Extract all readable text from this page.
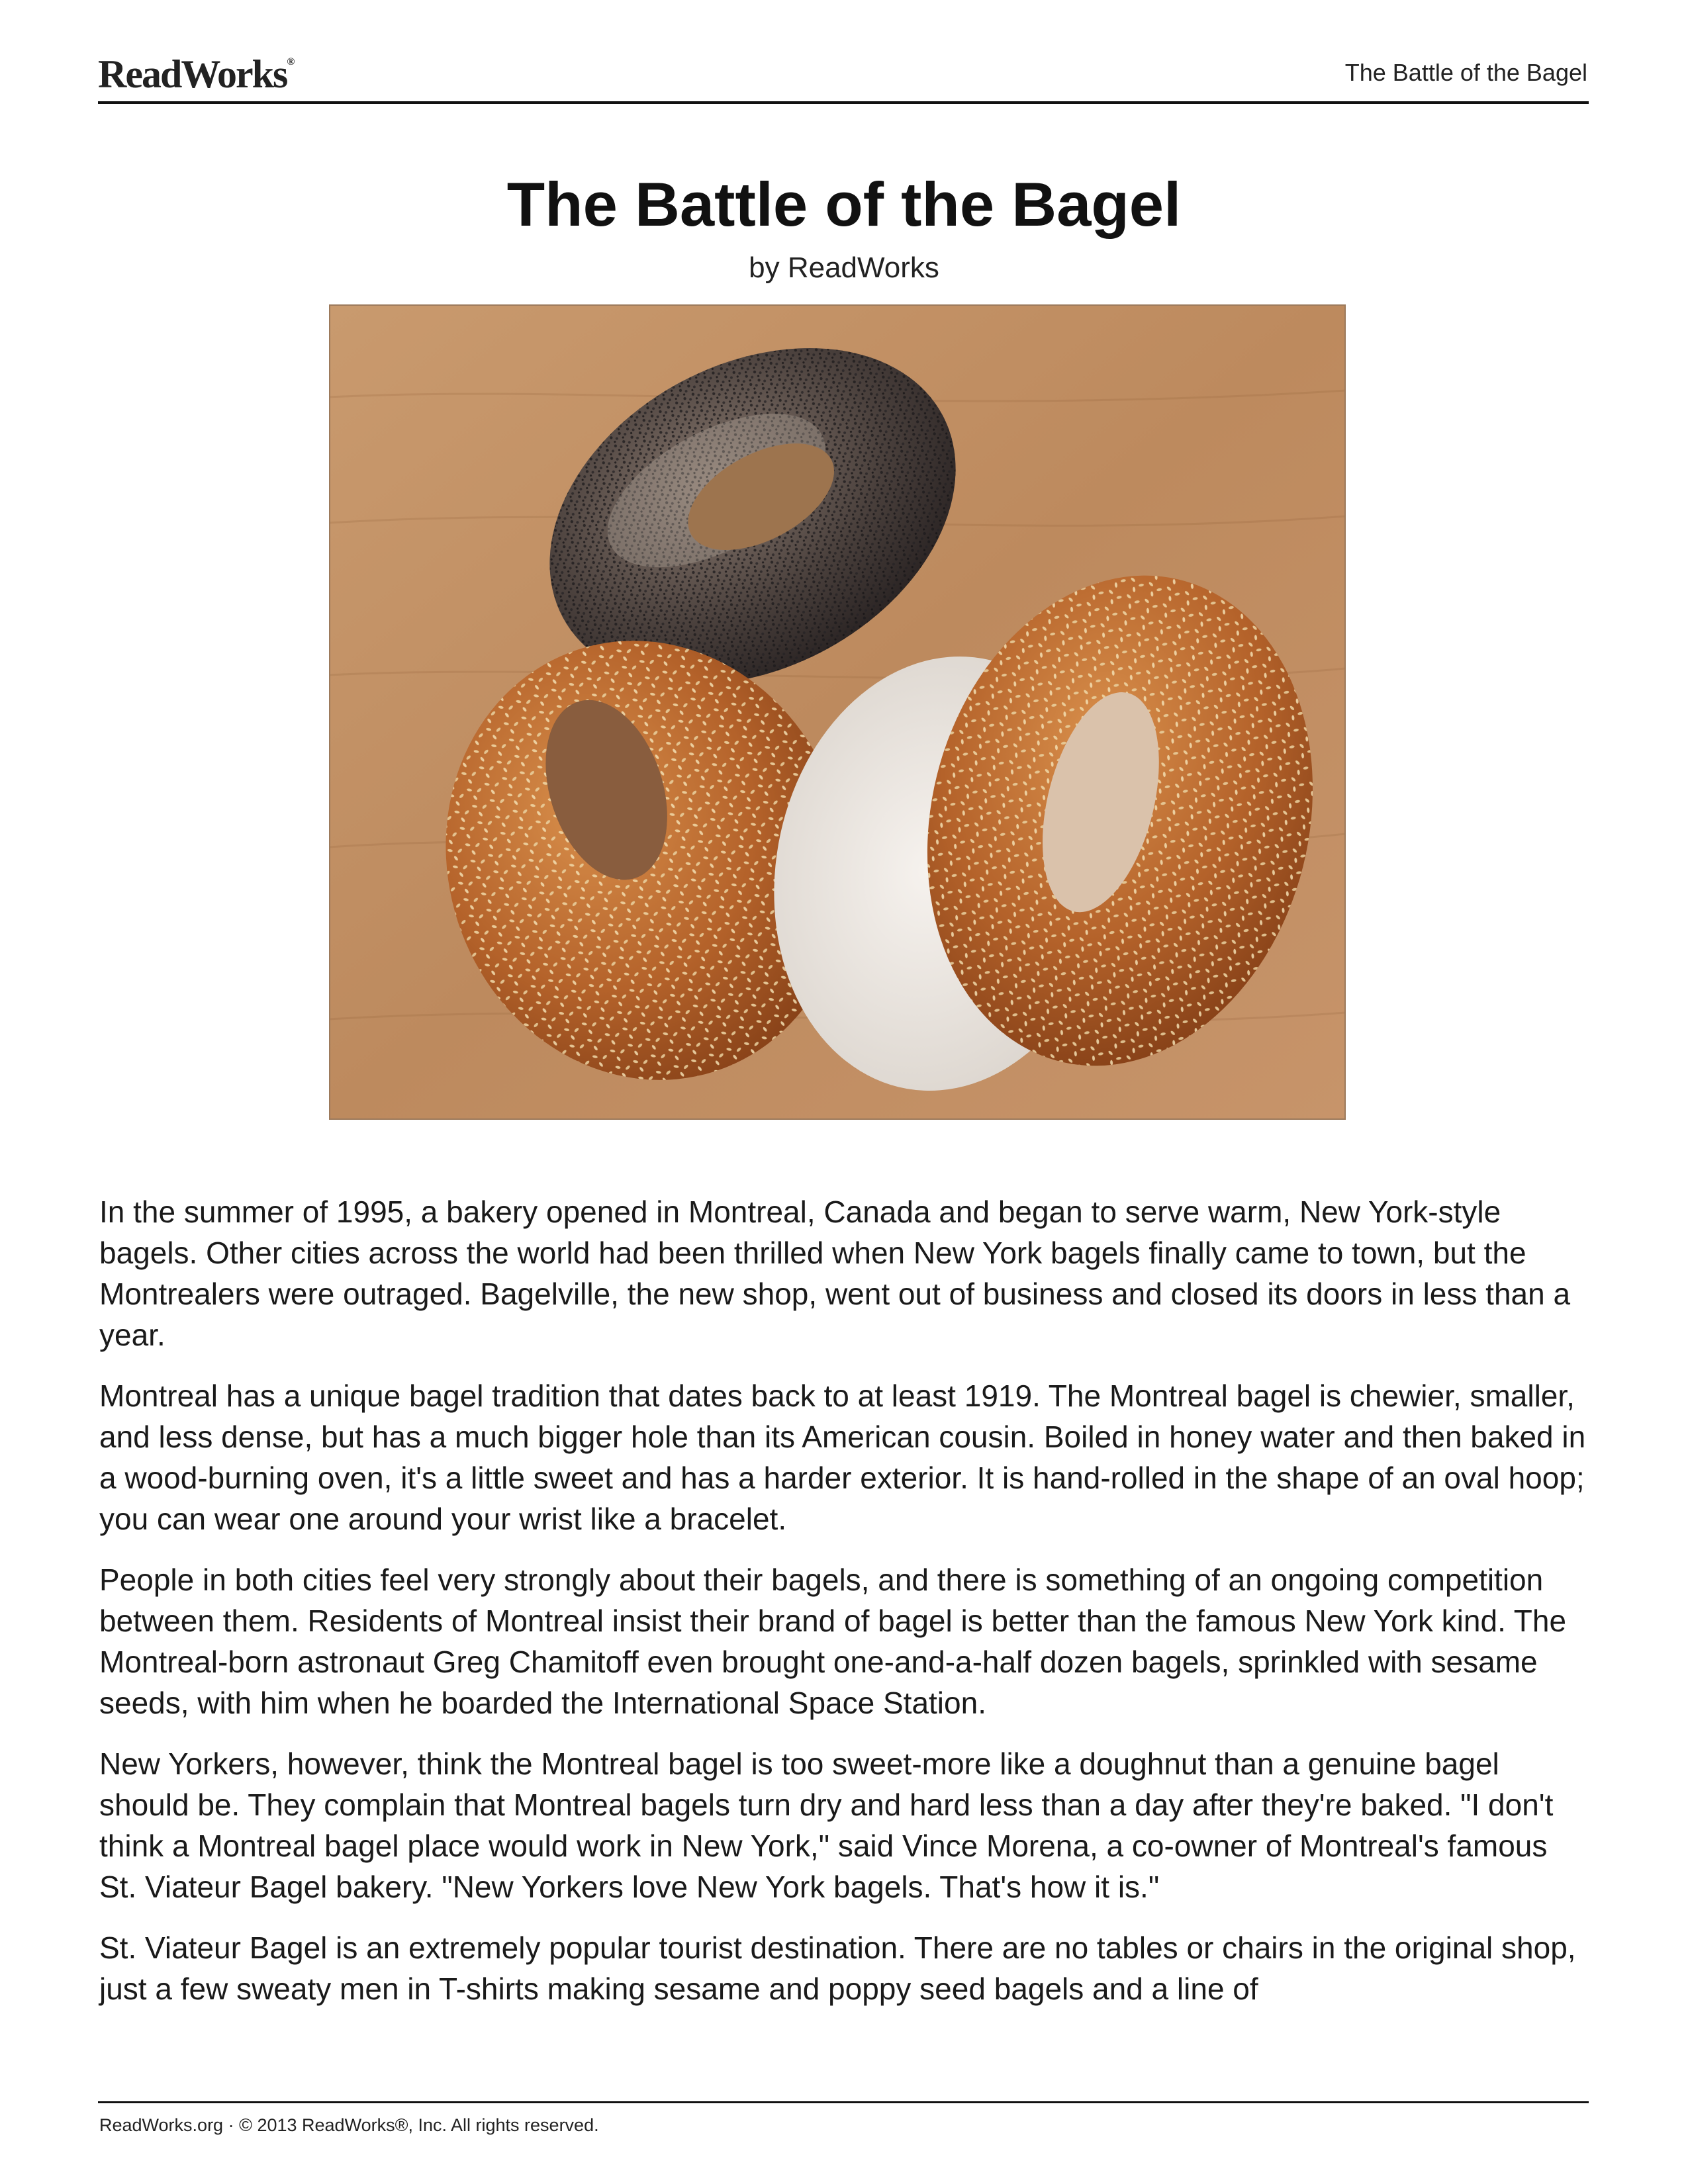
ReadWorks®	The Battle of the Bagel
The Battle of the Bagel
by ReadWorks

In the summer of 1995, a bakery opened in Montreal, Canada and began to serve warm, New York-style bagels. Other cities across the world had been thrilled when New York bagels finally came to town, but the Montrealers were outraged. Bagelville, the new shop, went out of business and closed its doors in less than a year.

Montreal has a unique bagel tradition that dates back to at least 1919. The Montreal bagel is chewier, smaller, and less dense, but has a much bigger hole than its American cousin. Boiled in honey water and then baked in a wood-burning oven, it's a little sweet and has a harder exterior. It is hand-rolled in the shape of an oval hoop; you can wear one around your wrist like a bracelet.

People in both cities feel very strongly about their bagels, and there is something of an ongoing competition between them. Residents of Montreal insist their brand of bagel is better than the famous New York kind. The Montreal-born astronaut Greg Chamitoff even brought one-and-a-half dozen bagels, sprinkled with sesame seeds, with him when he boarded the International Space Station.

New Yorkers, however, think the Montreal bagel is too sweet-more like a doughnut than a genuine bagel should be. They complain that Montreal bagels turn dry and hard less than a day after they're baked. "I don't think a Montreal bagel place would work in New York," said Vince Morena, a co-owner of Montreal's famous St. Viateur Bagel bakery. "New Yorkers love New York bagels. That's how it is."

St. Viateur Bagel is an extremely popular tourist destination. There are no tables or chairs in the original shop, just a few sweaty men in T-shirts making sesame and poppy seed bagels and a line of

ReadWorks.org · © 2013 ReadWorks®, Inc. All rights reserved.
